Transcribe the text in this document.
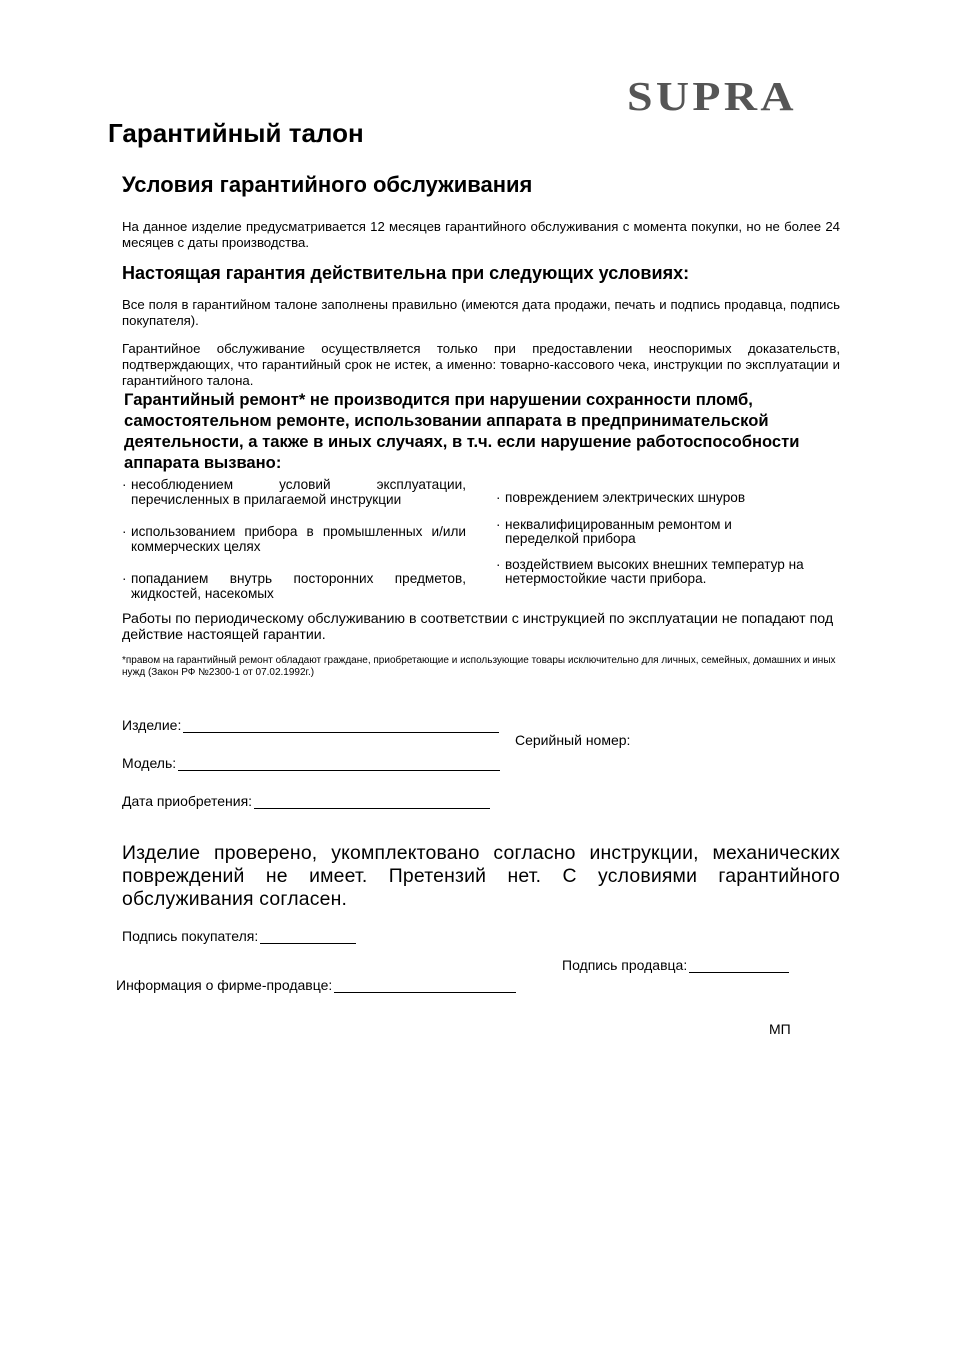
SUPRA
Гарантийный талон
Условия гарантийного обслуживания

На данное изделие предусматривается 12 месяцев гарантийного обслуживания с момента покупки, но не более 24 месяцев с даты производства.

Настоящая гарантия действительна при следующих условиях:

Все поля в гарантийном талоне заполнены правильно (имеются дата продажи, печать и подпись продавца, подпись покупателя).

Гарантийное обслуживание осуществляется только при предоставлении неоспоримых доказательств, подтверждающих, что гарантийный срок не истек, а именно: товарно-кассового чека, инструкции по эксплуатации и гарантийного талона.

Гарантийный ремонт* не производится при нарушении сохранности пломб, самостоятельном ремонте, использовании аппарата в предпринимательской деятельности, а также в иных случаях, в т.ч. если нарушение работоспособности аппарата вызвано:

· несоблюдением условий эксплуатации, перечисленных в прилагаемой инструкции
· использованием прибора в промышленных и/или коммерческих целях
· попаданием внутрь посторонних предметов, жидкостей, насекомых
· повреждением электрических шнуров
· неквалифицированным ремонтом и переделкой прибора
· воздействием высоких внешних температур на нетермостойкие части прибора.

Работы по периодическому обслуживанию в соответствии с инструкцией по эксплуатации не попадают под действие настоящей гарантии.

*правом на гарантийный ремонт обладают граждане, приобретающие и использующие товары исключительно для личных, семейных, домашних и иных нужд (Закон РФ №2300-1 от 07.02.1992г.)

Изделие:
Серийный номер:
Модель:
Дата приобретения:

Изделие проверено, укомплектовано согласно инструкции, механических повреждений не имеет. Претензий нет. С условиями гарантийного обслуживания согласен.

Подпись покупателя:
Подпись продавца:
Информация о фирме-продавце:
МП
